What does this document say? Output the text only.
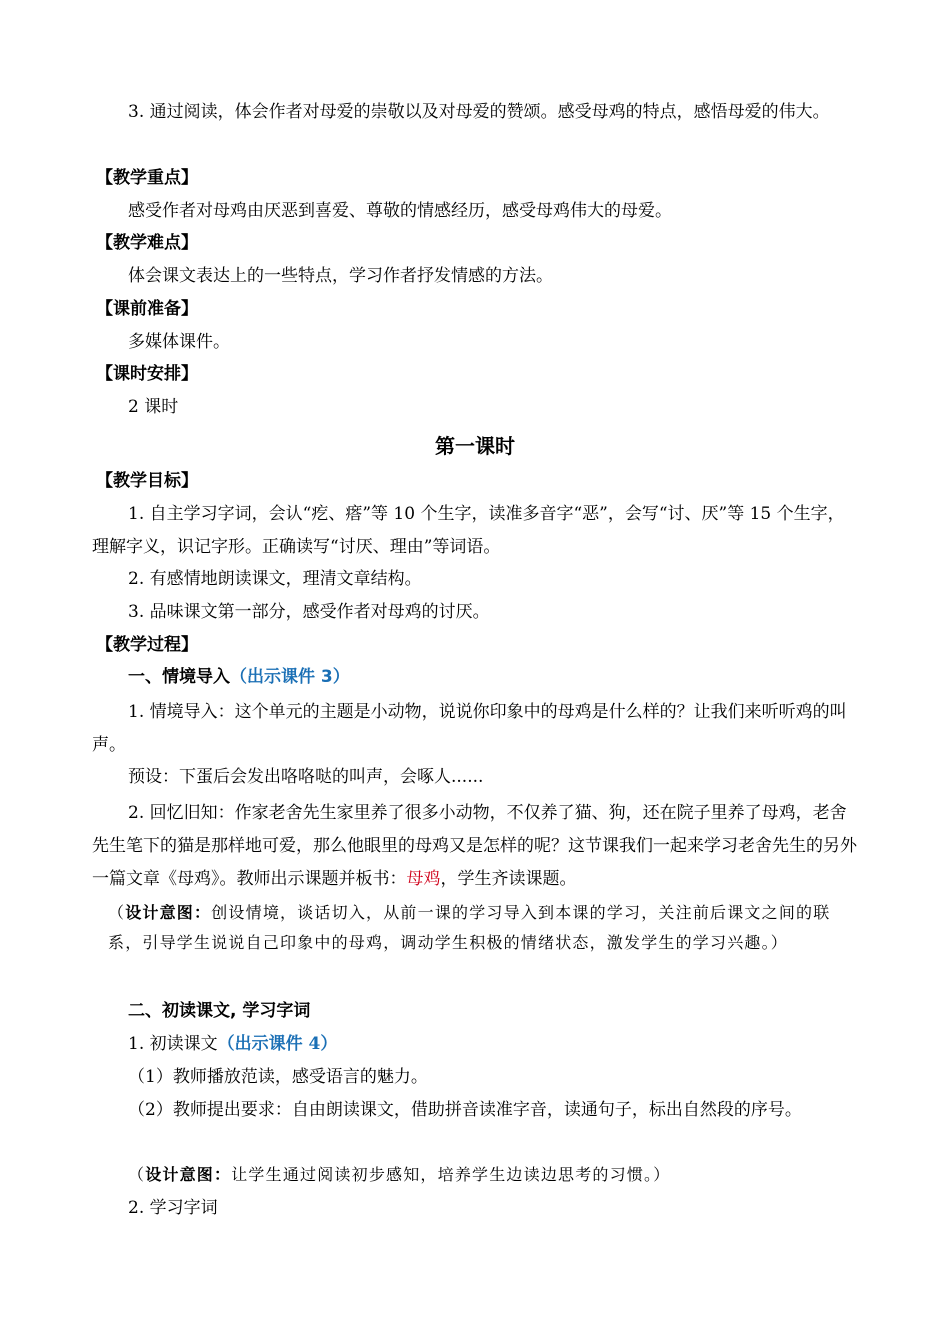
3. 通过阅读，体会作者对母爱的崇敬以及对母爱的赞颂。感受母鸡的特点，感悟母爱的伟大。

【教学重点】

感受作者对母鸡由厌恶到喜爱、尊敬的情感经历，感受母鸡伟大的母爱。

【教学难点】

体会课文表达上的一些特点，学习作者抒发情感的方法。

【课前准备】

多媒体课件。

【课时安排】

2 课时

第一课时

【教学目标】

1. 自主学习字词，会认“疙、瘩”等 10 个生字，读准多音字“恶”，会写“讨、厌”等 15 个生字，理解字义，识记字形。正确读写“讨厌、理由”等词语。

2. 有感情地朗读课文，理清文章结构。

3. 品味课文第一部分，感受作者对母鸡的讨厌。

【教学过程】

一、情境导入（出示课件 3）

1. 情境导入：这个单元的主题是小动物，说说你印象中的母鸡是什么样的？让我们来听听鸡的叫声。

预设：下蛋后会发出咯咯哒的叫声，会啄人......

2. 回忆旧知：作家老舍先生家里养了很多小动物，不仅养了猫、狗，还在院子里养了母鸡，老舍先生笔下的猫是那样地可爱，那么他眼里的母鸡又是怎样的呢？这节课我们一起来学习老舍先生的另外一篇文章《母鸡》。教师出示课题并板书：母鸡，学生齐读课题。

（设计意图：创设情境，谈话切入，从前一课的学习导入到本课的学习，关注前后课文之间的联系，引导学生说说自己印象中的母鸡，调动学生积极的情绪状态，激发学生的学习兴趣。）

二、初读课文, 学习字词

1. 初读课文（出示课件 4）

（1）教师播放范读，感受语言的魅力。

（2）教师提出要求：自由朗读课文，借助拼音读准字音，读通句子，标出自然段的序号。

（设计意图：让学生通过阅读初步感知，培养学生边读边思考的习惯。）

2. 学习字词
